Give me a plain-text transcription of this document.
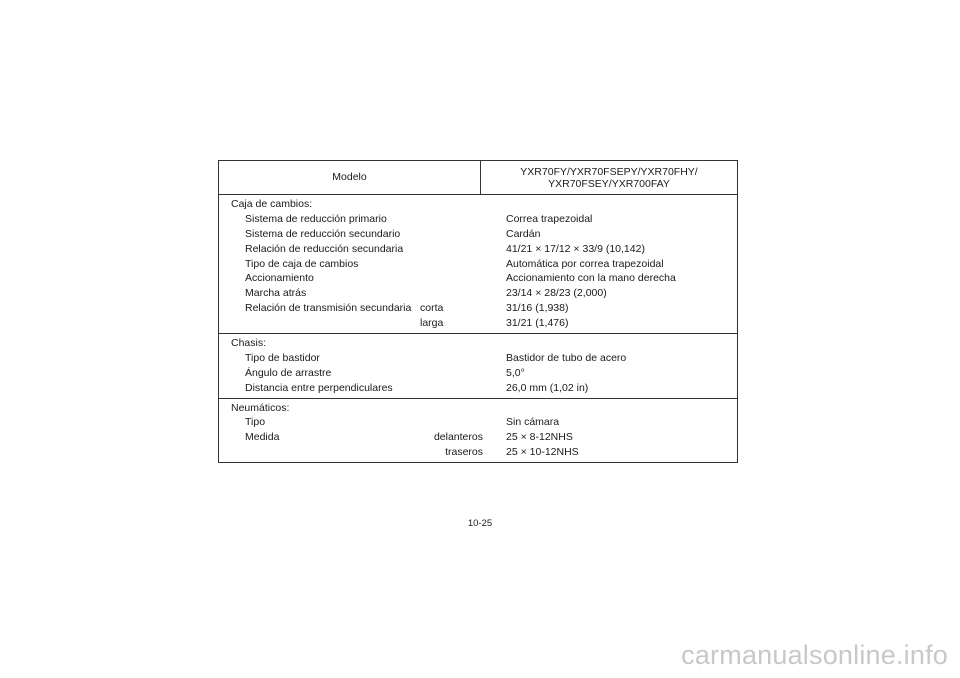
Modelo	YXR70FY/YXR70FSEPY/YXR70FHY/
YXR70FSEY/YXR700FAY
Caja de cambios:
Sistema de reducción primario	Correa trapezoidal
Sistema de reducción secundario	Cardán
Relación de reducción secundaria	41/21 × 17/12 × 33/9 (10,142)
Tipo de caja de cambios	Automática por correa trapezoidal
Accionamiento	Accionamiento con la mano derecha
Marcha atrás	23/14 × 28/23 (2,000)
Relación de transmisión secundaria corta	31/16 (1,938)
larga	31/21 (1,476)
Chasis:
Tipo de bastidor	Bastidor de tubo de acero
Ángulo de arrastre	5,0°
Distancia entre perpendiculares	26,0 mm (1,02 in)
Neumáticos:
Tipo	Sin cámara
Medida	delanteros	25 × 8-12NHS
traseros	25 × 10-12NHS
10-25
carmanualsonline.info
